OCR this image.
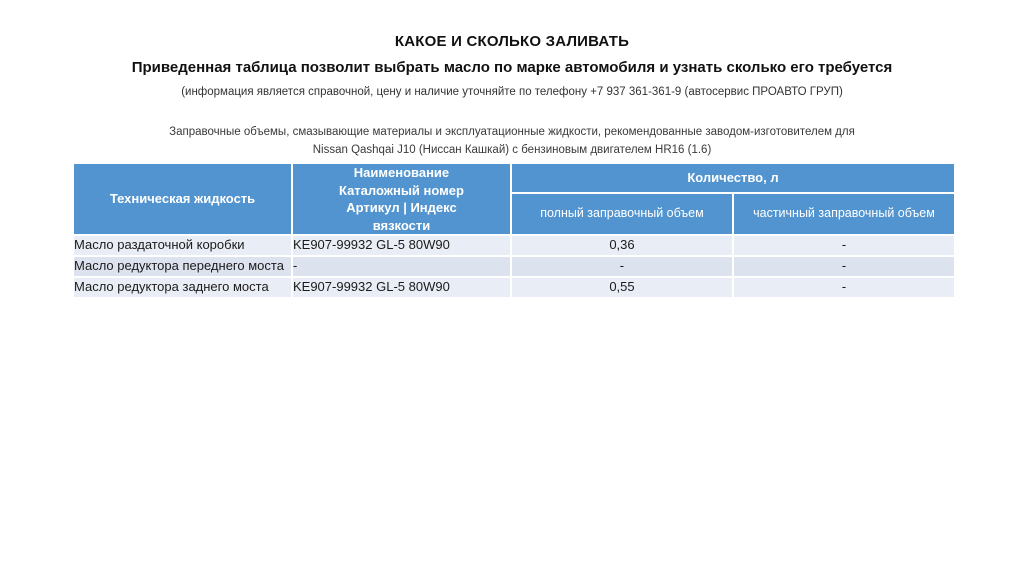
КАКОЕ И СКОЛЬКО ЗАЛИВАТЬ

Приведенная таблица позволит выбрать масло по марке автомобиля и узнать сколько его требуется

(информация является справочной, цену и наличие уточняйте по телефону +7 937 361-361-9 (автосервис ПРОАВТО ГРУП)

Заправочные объемы, смазывающие материалы и эксплуатационные жидкости, рекомендованные заводом-изготовителем для
Nissan Qashqai J10 (Ниссан Кашкай) с бензиновым двигателем HR16 (1.6)
Техническая жидкость	Наименование
Каталожный номер
Артикул | Индекс
вязкости	Количество, л	
		полный заправочный объем	частичный заправочный объем
Масло раздаточной коробки	KE907-99932 GL-5 80W90	0,36	-
Масло редуктора переднего моста	-	-	-
Масло редуктора заднего моста	KE907-99932 GL-5 80W90	0,55	-
